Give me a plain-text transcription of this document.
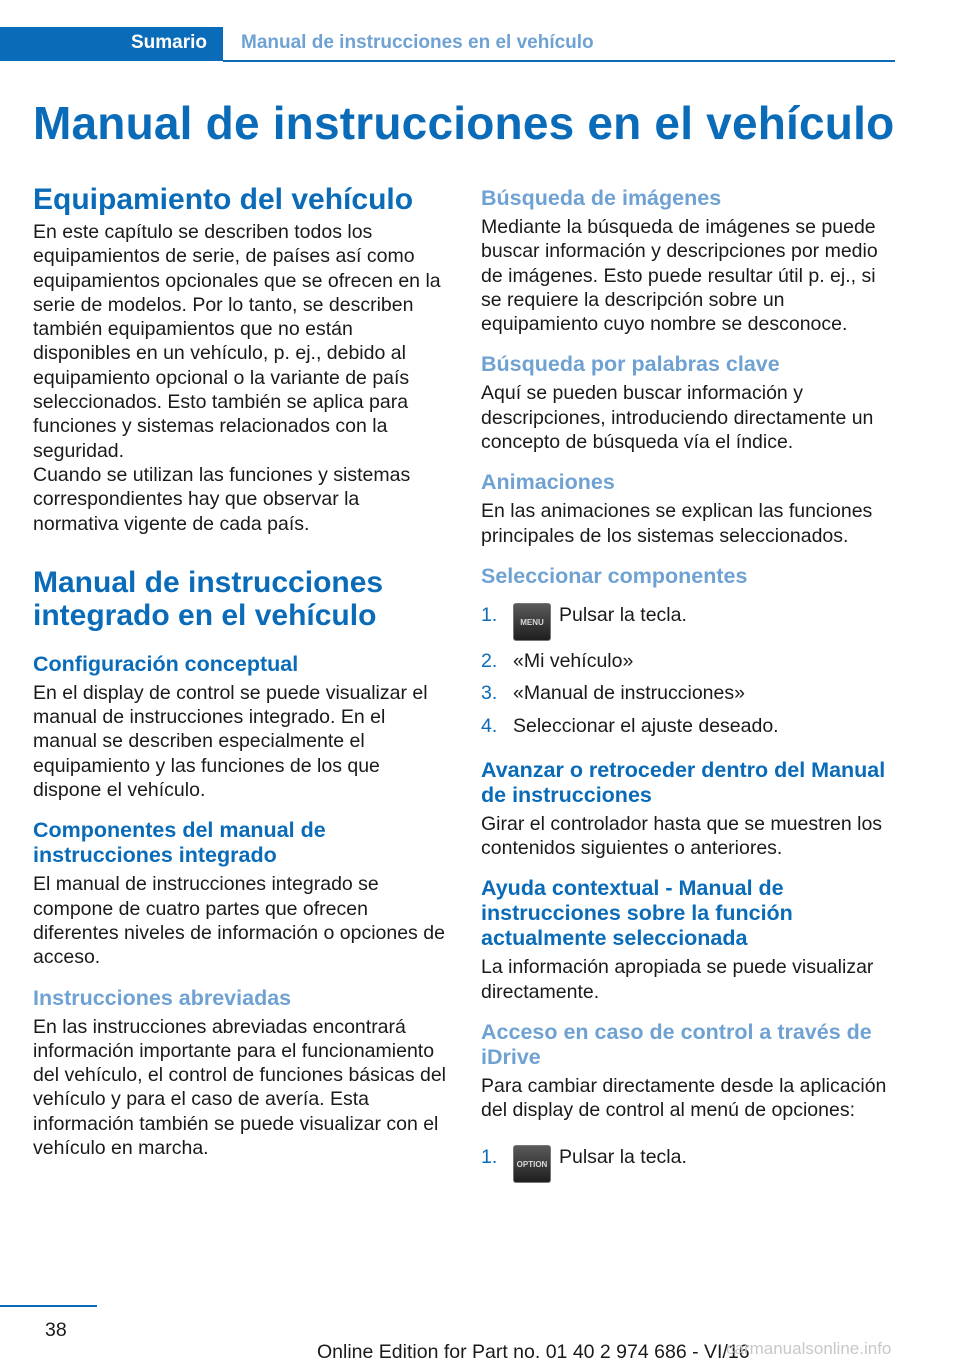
Sumario Manual de instrucciones en el vehículo
Manual de instrucciones en el vehículo
Equipamiento del vehículo

En este capítulo se describen todos los equipamientos de serie, de países así como equipamientos opcionales que se ofrecen en la serie de modelos. Por lo tanto, se describen también equipamientos que no están disponibles en un vehículo, p. ej., debido al equipamiento opcional o la variante de país seleccionados. Esto también se aplica para funciones y sistemas relacionados con la seguridad.

Cuando se utilizan las funciones y sistemas correspondientes hay que observar la normativa vigente de cada país.

Manual de instrucciones integrado en el vehículo
Configuración conceptual

En el display de control se puede visualizar el manual de instrucciones integrado. En el manual se describen especialmente el equipamiento y las funciones de los que dispone el vehículo.

Componentes del manual de instrucciones integrado

El manual de instrucciones integrado se compone de cuatro partes que ofrecen diferentes niveles de información o opciones de acceso.

Instrucciones abreviadas

En las instrucciones abreviadas encontrará información importante para el funcionamiento del vehículo, el control de funciones básicas del vehículo y para el caso de avería. Esta información también se puede visualizar con el vehículo en marcha.

Búsqueda de imágenes

Mediante la búsqueda de imágenes se puede buscar información y descripciones por medio de imágenes. Esto puede resultar útil p. ej., si se requiere la descripción sobre un equipamiento cuyo nombre se desconoce.

Búsqueda por palabras clave

Aquí se pueden buscar información y descripciones, introduciendo directamente un concepto de búsqueda vía el índice.

Animaciones

En las animaciones se explican las funciones principales de los sistemas seleccionados.

Seleccionar componentes
1.	MENU Pulsar la tecla.
2. «Mi vehículo»
3. «Manual de instrucciones»
4. Seleccionar el ajuste deseado.
Avanzar o retroceder dentro del Manual de instrucciones

Girar el controlador hasta que se muestren los contenidos siguientes o anteriores.

Ayuda contextual - Manual de instrucciones sobre la función actualmente seleccionada

La información apropiada se puede visualizar directamente.

Acceso en caso de control a través de iDrive

Para cambiar directamente desde la aplicación del display de control al menú de opciones:

1. OPTION Pulsar la tecla.
38
Online Edition for Part no. 01 40 2 974 686 - VI/16
carmanualsonline.info
